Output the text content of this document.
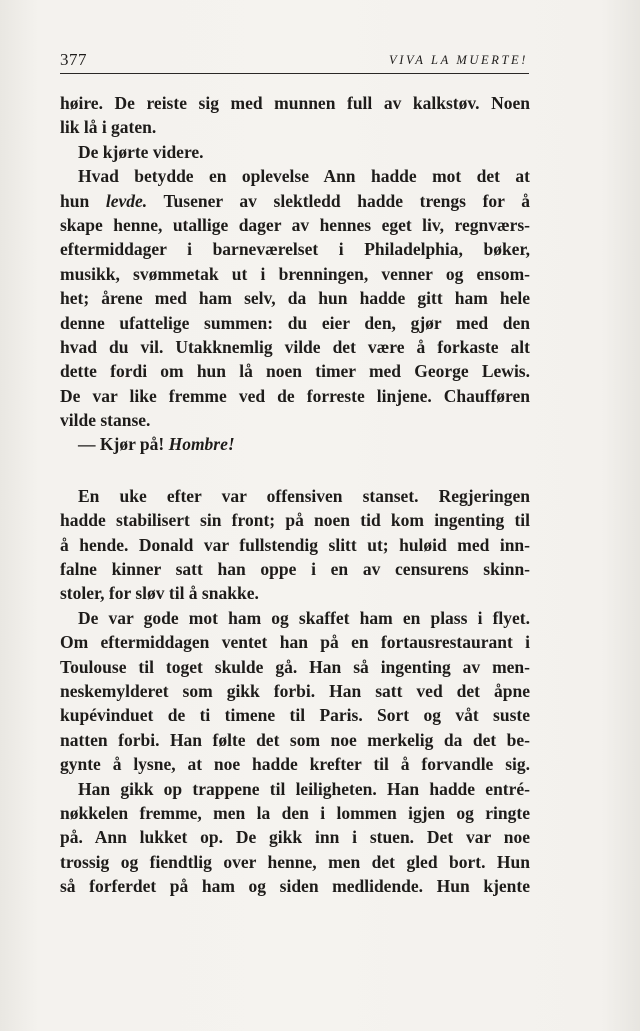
377	VIVA LA MUERTE!
høire. De reiste sig med munnen full av kalkstøv. Noen
lik lå i gaten.
De kjørte videre.
Hvad betydde en oplevelse Ann hadde mot det at
hun levde. Tusener av slektledd hadde trengs for å
skape henne, utallige dager av hennes eget liv, regnværs-
eftermiddager i barneværelset i Philadelphia, bøker,
musikk, svømmetak ut i brenningen, venner og ensom-
het; årene med ham selv, da hun hadde gitt ham hele
denne ufattelige summen: du eier den, gjør med den
hvad du vil. Utakknemlig vilde det være å forkaste alt
dette fordi om hun lå noen timer med George Lewis.
De var like fremme ved de forreste linjene. Chaufføren
vilde stanse.
— Kjør på! Hombre!
En uke efter var offensiven stanset. Regjeringen
hadde stabilisert sin front; på noen tid kom ingenting til
å hende. Donald var fullstendig slitt ut; huløid med inn-
falne kinner satt han oppe i en av censurens skinn-
stoler, for sløv til å snakke.
De var gode mot ham og skaffet ham en plass i flyet.
Om eftermiddagen ventet han på en fortausrestaurant i
Toulouse til toget skulde gå. Han så ingenting av men-
neskemylderet som gikk forbi. Han satt ved det åpne
kupévinduet de ti timene til Paris. Sort og våt suste
natten forbi. Han følte det som noe merkelig da det be-
gynte å lysne, at noe hadde krefter til å forvandle sig.
Han gikk op trappene til leiligheten. Han hadde entré-
nøkkelen fremme, men la den i lommen igjen og ringte
på. Ann lukket op. De gikk inn i stuen. Det var noe
trossig og fiendtlig over henne, men det gled bort. Hun
så forferdet på ham og siden medlidende. Hun kjente
